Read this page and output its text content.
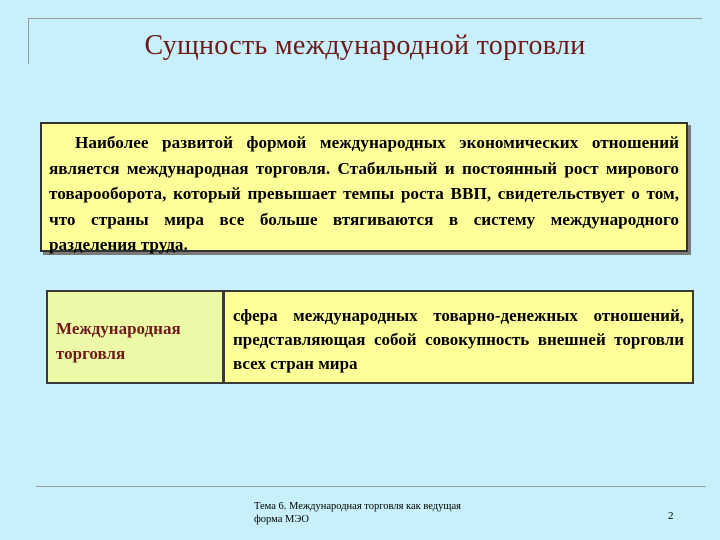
Сущность международной торговли
Наиболее развитой формой международных экономических отношений является международная торговля. Стабильный и постоянный рост мирового товарооборота, который превышает темпы роста ВВП, свидетельствует о том, что страны мира все больше втягиваются в систему международного разделения труда.
Международная торговля
сфера международных товарно-денежных отношений, представляющая собой совокупность внешней торговли всех стран мира
Тема 6. Международная торговля как ведущая форма МЭО	2
